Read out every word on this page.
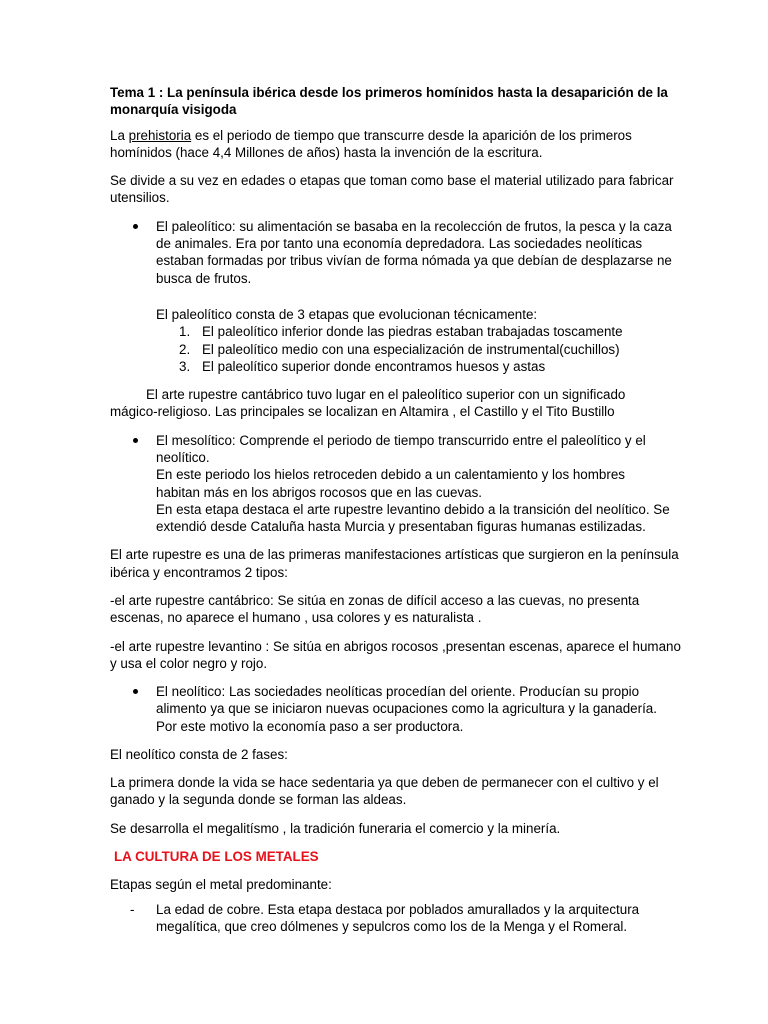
Tema 1 : La península ibérica desde los primeros homínidos hasta la desaparición de la
monarquía visigoda
La prehistoria es el periodo de tiempo que transcurre desde la aparición de los primeros
homínidos (hace 4,4 Millones de años) hasta la invención de la escritura.
Se divide a su vez en edades o etapas que toman como base el material utilizado para fabricar
utensilios.
El paleolítico: su alimentación se basaba en la recolección de frutos, la pesca y la caza
de animales. Era por tanto una economía depredadora. Las sociedades neolíticas
estaban formadas por tribus vivían de forma nómada ya que debían de desplazarse ne
busca de frutos.
El paleolítico consta de 3 etapas que evolucionan técnicamente:
1. El paleolítico inferior donde las piedras estaban trabajadas toscamente
2. El paleolítico medio con una especialización de instrumental(cuchillos)
3. El paleolítico superior donde encontramos huesos y astas
El arte rupestre cantábrico tuvo lugar en el paleolítico superior con un significado
mágico-religioso. Las principales se localizan en Altamira , el Castillo y el Tito Bustillo
El mesolítico: Comprende el periodo de tiempo transcurrido entre el paleolítico y el
neolítico.
En este periodo los hielos retroceden debido a un calentamiento y los hombres
habitan más en los abrigos rocosos que en las cuevas.
En esta etapa destaca el arte rupestre levantino debido a la transición del neolítico. Se
extendió desde Cataluña hasta Murcia y presentaban figuras humanas estilizadas.
El arte rupestre es una de las primeras manifestaciones artísticas que surgieron en la península
ibérica y encontramos 2 tipos:
-el arte rupestre cantábrico: Se sitúa en zonas de difícil acceso a las cuevas, no presenta
escenas, no aparece el humano , usa colores y es naturalista .
-el arte rupestre levantino : Se sitúa en abrigos rocosos ,presentan escenas, aparece el humano
y usa el color negro y rojo.
El neolítico: Las sociedades neolíticas procedían del oriente. Producían su propio
alimento ya que se iniciaron nuevas ocupaciones como la agricultura y la ganadería.
Por este motivo la economía paso a ser productora.
El neolítico consta de 2 fases:
La primera donde la vida se hace sedentaria ya que deben de permanecer con el cultivo y el
ganado y la segunda donde se forman las aldeas.
Se desarrolla el megalitísmo , la tradición funeraria el comercio y la minería.
LA CULTURA DE LOS METALES
Etapas según el metal predominante:
- La edad de cobre. Esta etapa destaca por poblados amurallados y la arquitectura
megalítica, que creo dólmenes y sepulcros como los de la Menga y el Romeral.
